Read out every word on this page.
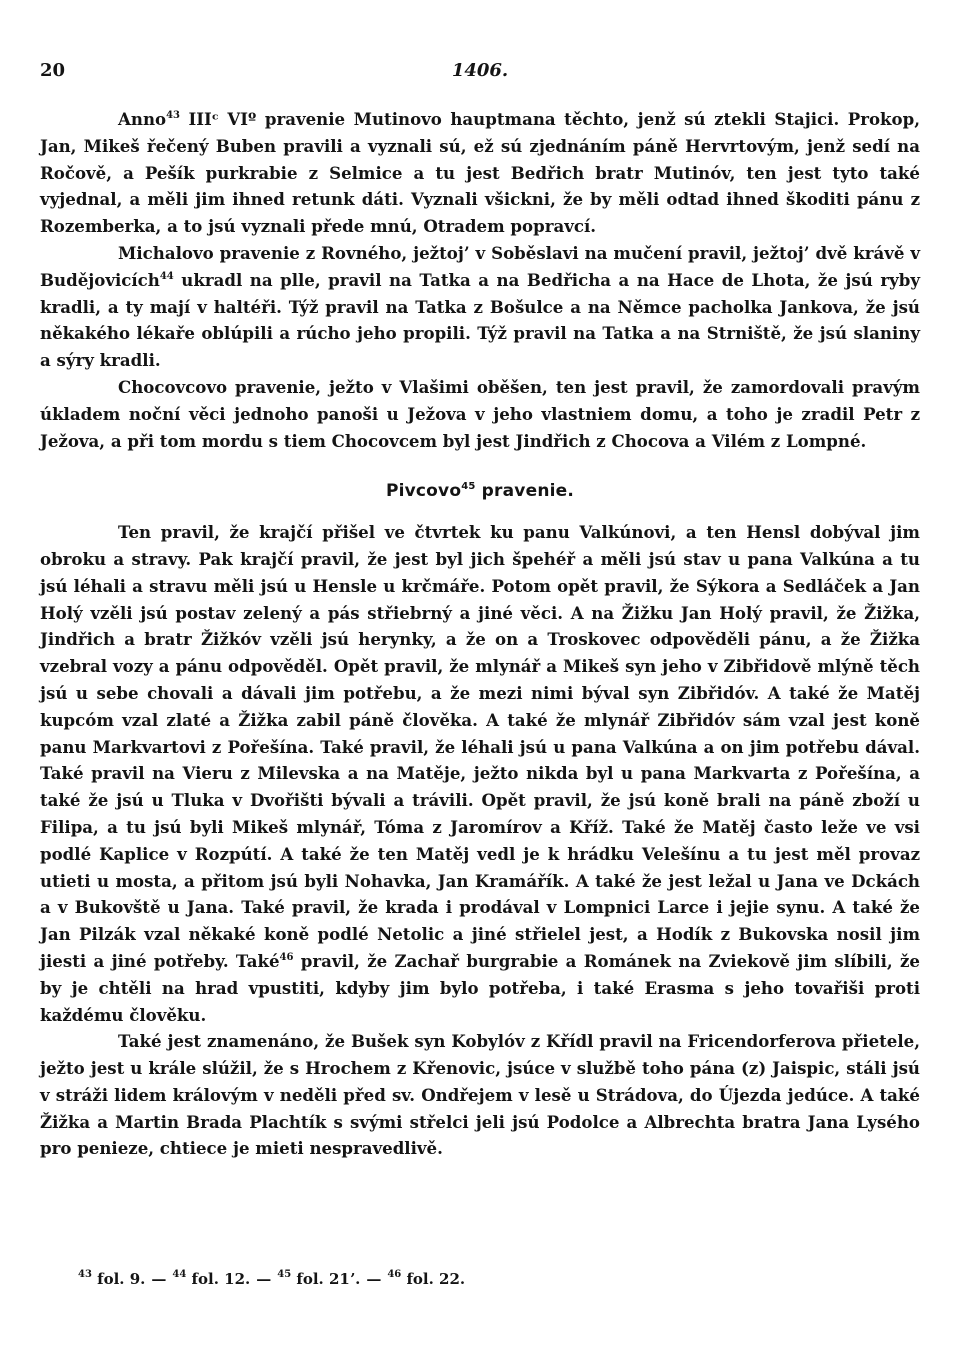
20	1406.

Anno$^{43}$ IIIᶜ VIº pravenie Mutinovo hauptmana těchto, jenž sú ztekli Stajici. Prokop, Jan, Mikeš řečený Buben pravili a vyznali sú, ež sú zjednáním páně Hervrtovým, jenž sedí na Ročově, a Pešík purkrabie z Selmice a tu jest Bedřich bratr Mutinóv, ten jest tyto také vyjednal, a měli jim ihned retunk dáti. Vyznali všickni, že by měli odtad ihned škoditi pánu z Rozemberka, a to jsú vyznali přede mnú, Otradem popravcí.

Michalovo pravenie z Rovného, ježtoj’ v Soběslavi na mučení pravil, ježtoj’ dvě krávě v Budějovicích$^{44}$ ukradl na plle, pravil na Tatka a na Bedřicha a na Hace de Lhota, že jsú ryby kradli, a ty mají v haltéři. Týž pravil na Tatka z Bošulce a na Němce pacholka Jankova, že jsú někakého lékaře oblúpili a rúcho jeho propili. Týž pravil na Tatka a na Strniště, že jsú slaniny a sýry kradli.

Chocovcovo pravenie, ježto v Vlašimi oběšen, ten jest pravil, že zamordovali pravým úkladem noční věci jednoho panoši u Ježova v jeho vlastniem domu, a toho je zradil Petr z Ježova, a při tom mordu s tiem Chocovcem byl jest Jindřich z Chocova a Vilém z Lompné.

Pivcovo$^{45}$ pravenie.

Ten pravil, že krajčí přišel ve čtvrtek ku panu Valkúnovi, a ten Hensl dobýval jim obroku a stravy. Pak krajčí pravil, že jest byl jich špehéř a měli jsú stav u pana Valkúna a tu jsú léhali a stravu měli jsú u Hensle u krčmáře. Potom opět pravil, že Sýkora a Sedláček a Jan Holý vzěli jsú postav zelený a pás střiebrný a jiné věci. A na Žižku Jan Holý pravil, že Žižka, Jindřich a bratr Žižkóv vzěli jsú herynky, a že on a Troskovec odpověděli pánu, a že Žižka vzebral vozy a pánu odpověděl. Opět pravil, že mlynář a Mikeš syn jeho v Zibřidově mlýně těch jsú u sebe chovali a dávali jim potřebu, a že mezi nimi býval syn Zibřidóv. A také že Matěj kupcóm vzal zlaté a Žižka zabil páně člověka. A také že mlynář Zibřidóv sám vzal jest koně panu Markvartovi z Pořešína. Také pravil, že léhali jsú u pana Valkúna a on jim potřebu dával. Také pravil na Vieru z Milevska a na Matěje, ježto nikda byl u pana Markvarta z Pořešína, a také že jsú u Tluka v Dvořišti bývali a trávili. Opět pravil, že jsú koně brali na páně zboží u Filipa, a tu jsú byli Mikeš mlynář, Tóma z Jaromírov a Kříž. Také že Matěj často leže ve vsi podlé Kaplice v Rozpútí. A také že ten Matěj vedl je k hrádku Velešínu a tu jest měl provaz utieti u mosta, a přitom jsú byli Nohavka, Jan Kramářík. A také že jest ležal u Jana ve Dckách a v Bukovště u Jana. Také pravil, že krada i prodával v Lompnici Larce i jejie synu. A také že Jan Pilzák vzal někaké koně podlé Netolic a jiné střielel jest, a Hodík z Bukovska nosil jim jiesti a jiné potřeby. Také$^{46}$ pravil, že Zachař burgrabie a Románek na Zviekově jim slíbili, že by je chtěli na hrad vpustiti, kdyby jim bylo potřeba, i také Erasma s jeho tovařiši proti každému člověku.

Také jest znamenáno, že Bušek syn Kobylóv z Křídl pravil na Fricendorferova přietele, ježto jest u krále slúžil, že s Hrochem z Křenovic, jsúce v službě toho pána (z) Jaispic, stáli jsú v stráži lidem královým v neděli před sv. Ondřejem v lesě u Strádova, do Újezda jedúce. A také Žižka a Martin Brada Plachtík s svými střelci jeli jsú Podolce a Albrechta bratra Jana Lysého pro penieze, chtiece je mieti nespravedlivě.

$^{43}$ fol. 9. — $^{44}$ fol. 12. — $^{45}$ fol. 21ʼ. — $^{46}$ fol. 22.
